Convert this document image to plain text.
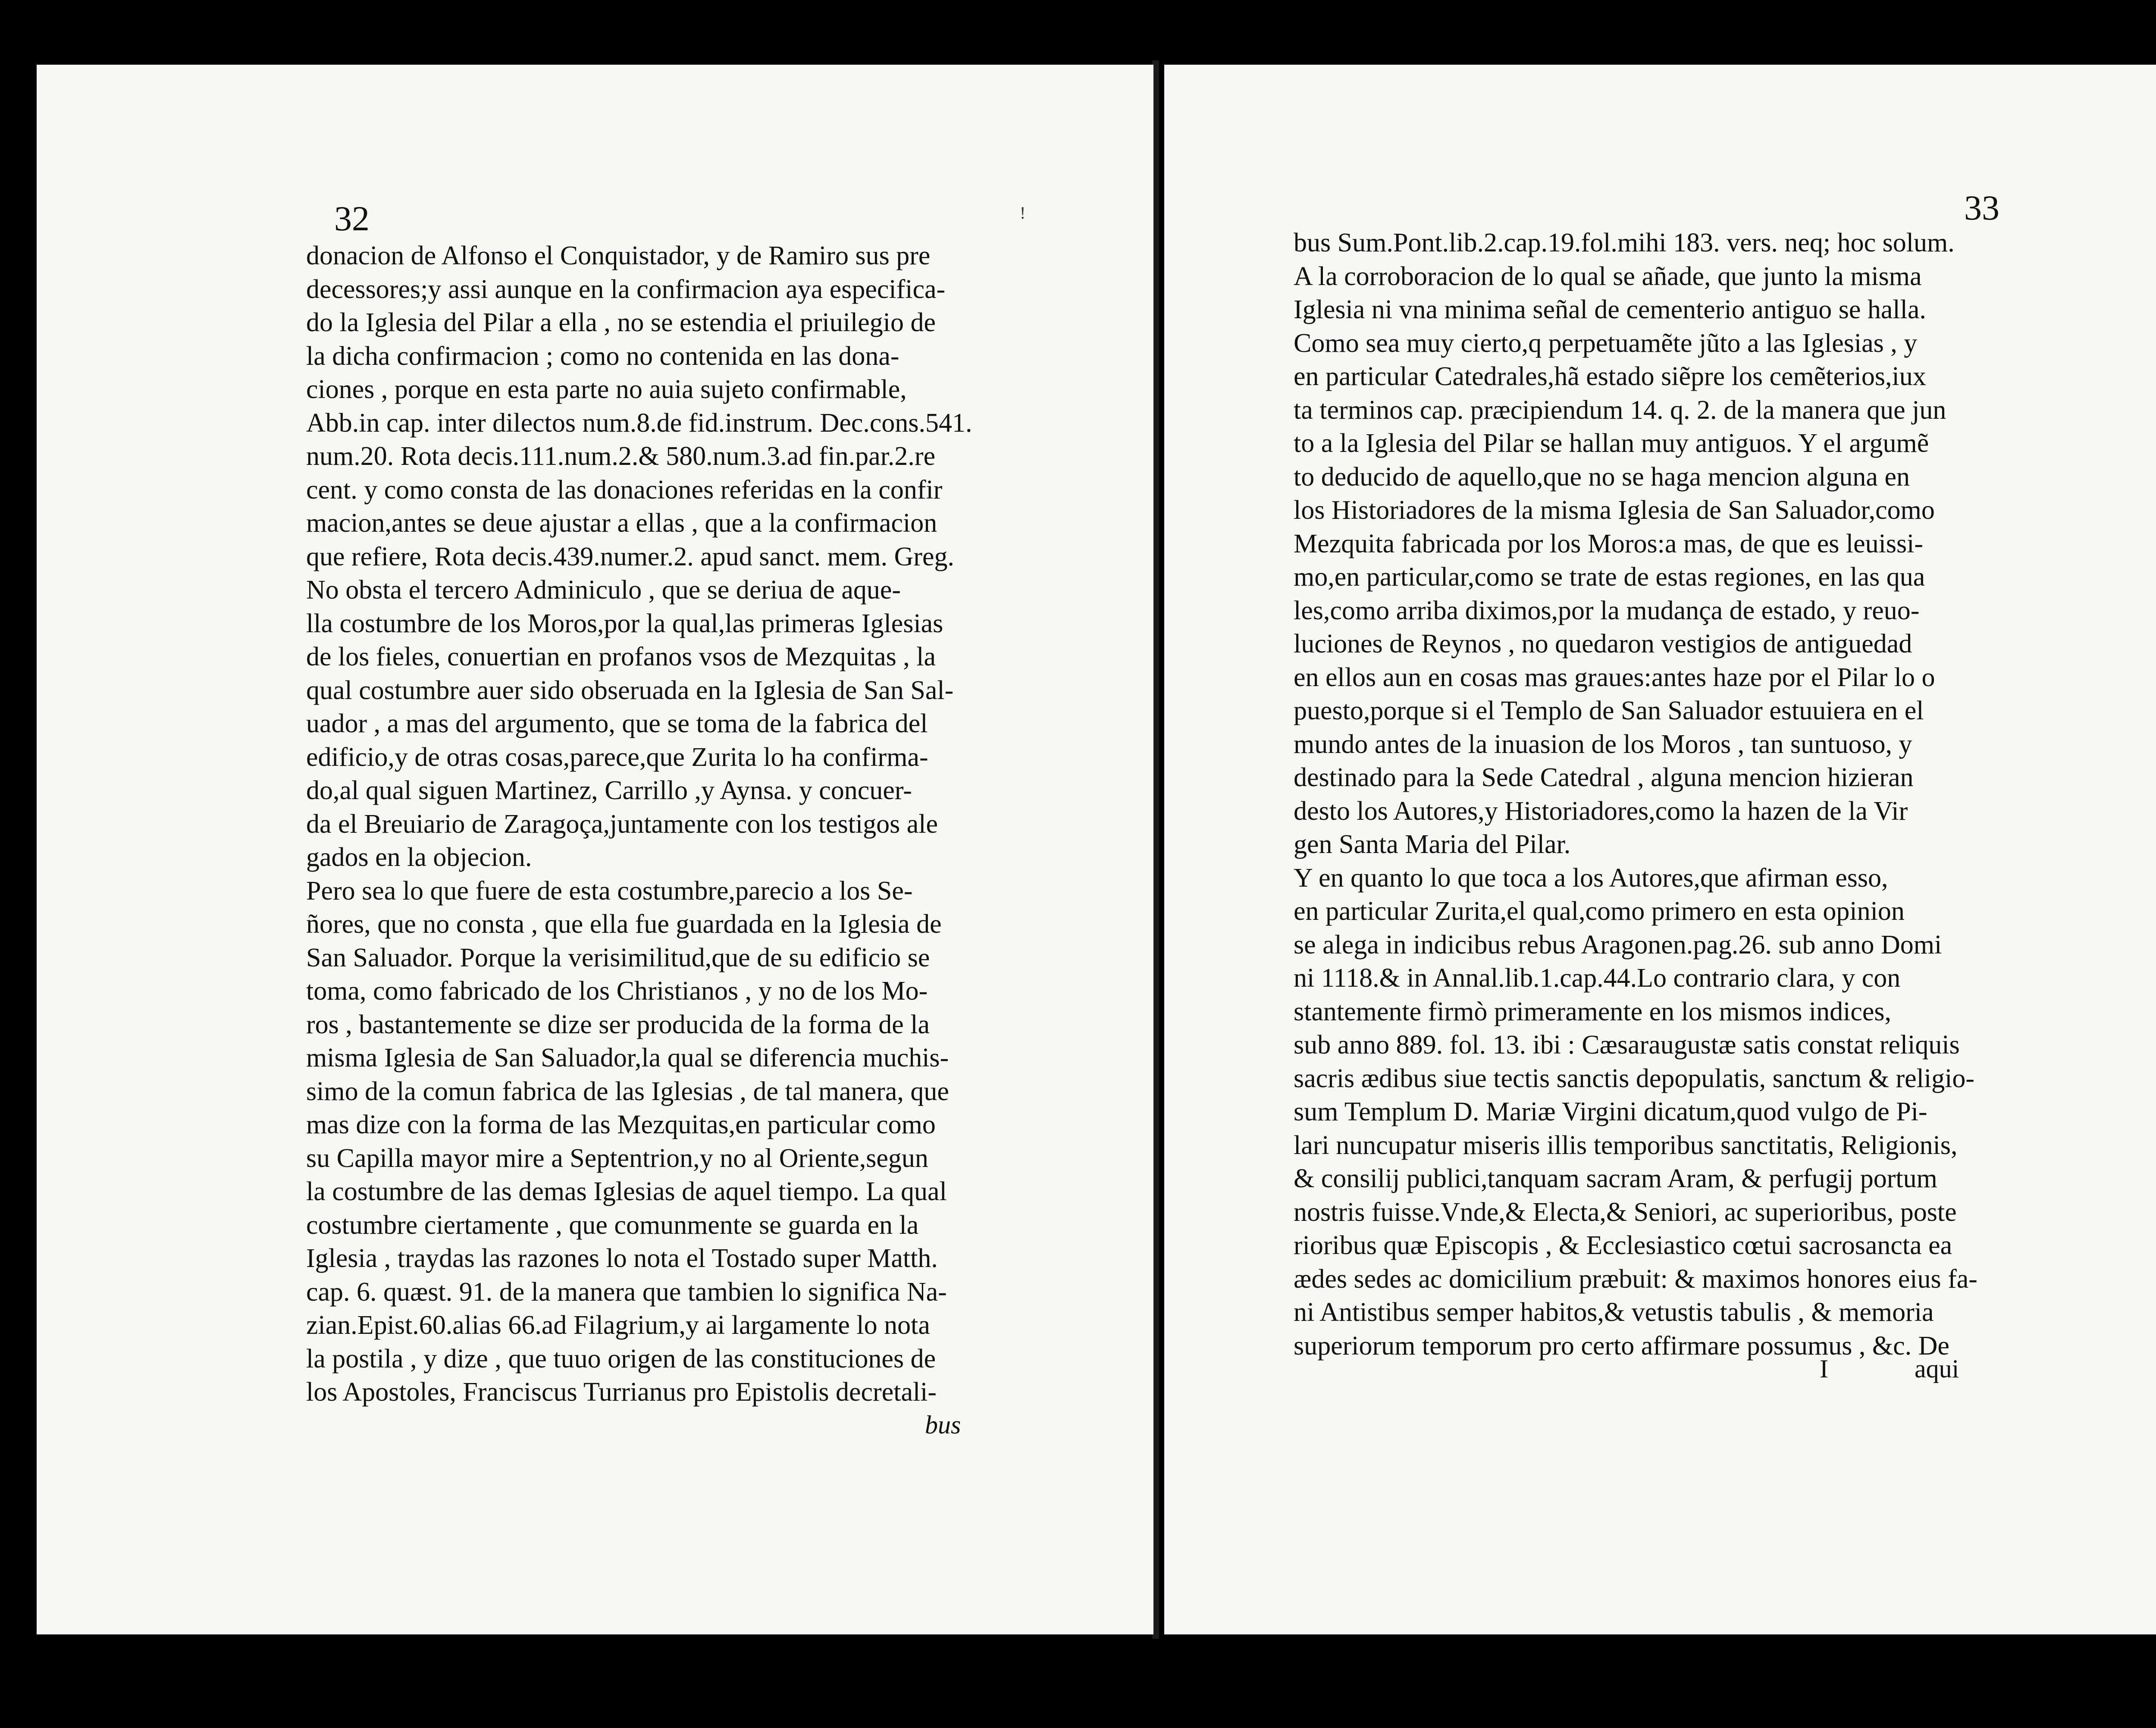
32	!
donacion de Alfonso el Conquistador, y de Ramiro sus pre
decessores;y assi aunque en la confirmacion aya especifica-
do la Iglesia del Pilar a ella , no se estendia el priuilegio de
la dicha confirmacion ; como no contenida en las dona-
ciones , porque en esta parte no auia sujeto confirmable,
Abb.in cap. inter dilectos num.8.de fid.instrum. Dec.cons.541.
num.20. Rota decis.111.num.2.& 580.num.3.ad fin.par.2.re
cent. y como consta de las donaciones referidas en la confir
macion,antes se deue ajustar a ellas , que a la confirmacion
que refiere, Rota decis.439.numer.2. apud sanct. mem. Greg.
No obsta el tercero Adminiculo , que se deriua de aque-
lla costumbre de los Moros,por la qual,las primeras Iglesias
de los fieles, conuertian en profanos vsos de Mezquitas , la
qual costumbre auer sido obseruada en la Iglesia de San Sal-
uador , a mas del argumento, que se toma de la fabrica del
edificio,y de otras cosas,parece,que Zurita lo ha confirma-
do,al qual siguen Martinez, Carrillo ,y Aynsa. y concuer-
da el Breuiario de Zaragoça,juntamente con los testigos ale
gados en la objecion.
Pero sea lo que fuere de esta costumbre,parecio a los Se-
ñores, que no consta , que ella fue guardada en la Iglesia de
San Saluador. Porque la verisimilitud,que de su edificio se
toma, como fabricado de los Christianos , y no de los Mo-
ros , bastantemente se dize ser producida de la forma de la
misma Iglesia de San Saluador,la qual se diferencia muchis-
simo de la comun fabrica de las Iglesias , de tal manera, que
mas dize con la forma de las Mezquitas,en particular como
su Capilla mayor mire a Septentrion,y no al Oriente,segun
la costumbre de las demas Iglesias de aquel tiempo. La qual
costumbre ciertamente , que comunmente se guarda en la
Iglesia , traydas las razones lo nota el Tostado super Matth.
cap. 6. quæst. 91. de la manera que tambien lo significa Na-
zian.Epist.60.alias 66.ad Filagrium,y ai largamente lo nota
la postila , y dize , que tuuo origen de las constituciones de
los Apostoles, Franciscus Turrianus pro Epistolis decretali-
bus
33
bus Sum.Pont.lib.2.cap.19.fol.mihi 183. vers. neq; hoc solum.
A la corroboracion de lo qual se añade, que junto la misma
Iglesia ni vna minima señal de cementerio antiguo se halla.
Como sea muy cierto,q perpetuamẽte jũto a las Iglesias , y
en particular Catedrales,hã estado siẽpre los cemẽterios,iux
ta terminos cap. præcipiendum 14. q. 2. de la manera que jun
to a la Iglesia del Pilar se hallan muy antiguos. Y el argumẽ
to deducido de aquello,que no se haga mencion alguna en
los Historiadores de la misma Iglesia de San Saluador,como
Mezquita fabricada por los Moros:a mas, de que es leuissi-
mo,en particular,como se trate de estas regiones, en las qua
les,como arriba diximos,por la mudança de estado, y reuo-
luciones de Reynos , no quedaron vestigios de antiguedad
en ellos aun en cosas mas graues:antes haze por el Pilar lo o
puesto,porque si el Templo de San Saluador estuuiera en el
mundo antes de la inuasion de los Moros , tan suntuoso, y
destinado para la Sede Catedral , alguna mencion hizieran
desto los Autores,y Historiadores,como la hazen de la Vir
gen Santa Maria del Pilar.
Y en quanto lo que toca a los Autores,que afirman esso,
en particular Zurita,el qual,como primero en esta opinion
se alega in indicibus rebus Aragonen.pag.26. sub anno Domi
ni 1118.& in Annal.lib.1.cap.44.Lo contrario clara, y con
stantemente firmò primeramente en los mismos indices,
sub anno 889. fol. 13. ibi : Cæsaraugustæ satis constat reliquis
sacris ædibus siue tectis sanctis depopulatis, sanctum & religio-
sum Templum D. Mariæ Virgini dicatum,quod vulgo de Pi-
lari nuncupatur miseris illis temporibus sanctitatis, Religionis,
& consilij publici,tanquam sacram Aram, & perfugij portum
nostris fuisse.Vnde,& Electa,& Seniori, ac superioribus, poste
rioribus quæ Episcopis , & Ecclesiastico cœtui sacrosancta ea
ædes sedes ac domicilium præbuit: & maximos honores eius fa-
ni Antistibus semper habitos,& vetustis tabulis , & memoria
superiorum temporum pro certo affirmare possumus , &c. De
I	aqui
